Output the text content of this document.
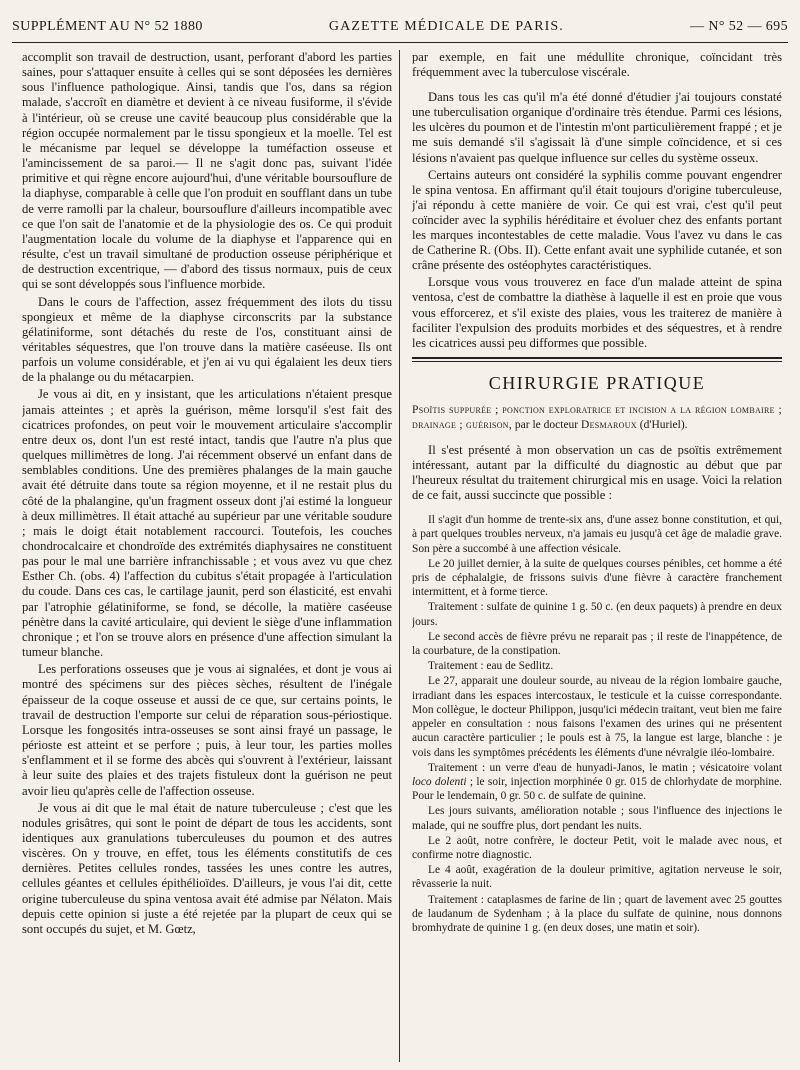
SUPPLÉMENT AU N° 52 1880	GAZETTE MÉDICALE DE PARIS.	— N° 52 — 695

accomplit son travail de destruction, usant, perforant d'abord les parties saines, pour s'attaquer ensuite à celles qui se sont déposées les dernières sous l'influence pathologique. Ainsi, tandis que l'os, dans sa région malade, s'accroît en diamètre et devient à ce niveau fusiforme, il s'évide à l'intérieur, où se creuse une cavité beaucoup plus considérable que la région occupée normalement par le tissu spongieux et la moelle. Tel est le mécanisme par lequel se développe la tuméfaction osseuse et l'amincissement de sa paroi.— Il ne s'agit donc pas, suivant l'idée primitive et qui règne encore aujourd'hui, d'une véritable boursouflure de la diaphyse, comparable à celle que l'on produit en soufflant dans un tube de verre ramolli par la chaleur, boursouflure d'ailleurs incompatible avec ce que l'on sait de l'anatomie et de la physiologie des os. Ce qui produit l'augmentation locale du volume de la diaphyse et l'apparence qui en résulte, c'est un travail simultané de production osseuse périphérique et de destruction excentrique, — d'abord des tissus normaux, puis de ceux qui se sont développés sous l'influence morbide.

Dans le cours de l'affection, assez fréquemment des ilots du tissu spongieux et même de la diaphyse circonscrits par la substance gélatiniforme, sont détachés du reste de l'os, constituant ainsi de véritables séquestres, que l'on trouve dans la matière caséeuse. Ils ont parfois un volume considérable, et j'en ai vu qui égalaient les deux tiers de la phalange ou du métacarpien.

Je vous ai dit, en y insistant, que les articulations n'étaient presque jamais atteintes ; et après la guérison, même lorsqu'il s'est fait des cicatrices profondes, on peut voir le mouvement articulaire s'accomplir entre deux os, dont l'un est resté intact, tandis que l'autre n'a plus que quelques millimètres de long. J'ai récemment observé un enfant dans de semblables conditions. Une des premières phalanges de la main gauche avait été détruite dans toute sa région moyenne, et il ne restait plus du côté de la phalangine, qu'un fragment osseux dont j'ai estimé la longueur à deux millimètres. Il était attaché au supérieur par une véritable soudure ; mais le doigt était notablement raccourci. Toutefois, les couches chondrocalcaire et chondroïde des extrémités diaphysaires ne constituent pas pour le mal une barrière infranchissable ; et vous avez vu que chez Esther Ch. (obs. 4) l'affection du cubitus s'était propagée à l'articulation du coude. Dans ces cas, le cartilage jaunit, perd son élasticité, est envahi par l'atrophie gélatiniforme, se fond, se décolle, la matière caséeuse pénètre dans la cavité articulaire, qui devient le siège d'une inflammation chronique ; et l'on se trouve alors en présence d'une affection simulant la tumeur blanche.

Les perforations osseuses que je vous ai signalées, et dont je vous ai montré des spécimens sur des pièces sèches, résultent de l'inégale épaisseur de la coque osseuse et aussi de ce que, sur certains points, le travail de destruction l'emporte sur celui de réparation sous-périostique. Lorsque les fongosités intra-osseuses se sont ainsi frayé un passage, le périoste est atteint et se perfore ; puis, à leur tour, les parties molles s'enflamment et il se forme des abcès qui s'ouvrent à l'extérieur, laissant à leur suite des plaies et des trajets fistuleux dont la guérison ne peut avoir lieu qu'après celle de l'affection osseuse.

Je vous ai dit que le mal était de nature tuberculeuse ; c'est que les nodules grisâtres, qui sont le point de départ de tous les accidents, sont identiques aux granulations tuberculeuses du poumon et des autres viscères. On y trouve, en effet, tous les éléments constitutifs de ces dernières. Petites cellules rondes, tassées les unes contre les autres, cellules géantes et cellules épithélioïdes. D'ailleurs, je vous l'ai dit, cette origine tuberculeuse du spina ventosa avait été admise par Nélaton. Mais depuis cette opinion si juste a été rejetée par la plupart de ceux qui se sont occupés du sujet, et M. Gœtz,

par exemple, en fait une médullite chronique, coïncidant très fréquemment avec la tuberculose viscérale.

Dans tous les cas qu'il m'a été donné d'étudier j'ai toujours constaté une tuberculisation organique d'ordinaire très étendue. Parmi ces lésions, les ulcères du poumon et de l'intestin m'ont particulièrement frappé ; et je me suis demandé s'il s'agissait là d'une simple coïncidence, et si ces lésions n'avaient pas quelque influence sur celles du système osseux.

Certains auteurs ont considéré la syphilis comme pouvant engendrer le spina ventosa. En affirmant qu'il était toujours d'origine tuberculeuse, j'ai répondu à cette manière de voir. Ce qui est vrai, c'est qu'il peut coïncider avec la syphilis héréditaire et évoluer chez des enfants portant les marques incontestables de cette maladie. Vous l'avez vu dans le cas de Catherine R. (Obs. II). Cette enfant avait une syphilide cutanée, et son crâne présente des ostéophytes caractéristiques.

Lorsque vous vous trouverez en face d'un malade atteint de spina ventosa, c'est de combattre la diathèse à laquelle il est en proie que vous vous efforcerez, et s'il existe des plaies, vous les traiterez de manière à faciliter l'expulsion des produits morbides et des séquestres, et à rendre les cicatrices aussi peu difformes que possible.

CHIRURGIE PRATIQUE
Psoïtis suppurée ; ponction exploratrice et incision a la région lombaire ; drainage ; guérison, par le docteur Desmaroux (d'Huriel).

Il s'est présenté à mon observation un cas de psoïtis extrêmement intéressant, autant par la difficulté du diagnostic au début que par l'heureux résultat du traitement chirurgical mis en usage. Voici la relation de ce fait, aussi succincte que possible :

Il s'agit d'un homme de trente-six ans, d'une assez bonne constitution, et qui, à part quelques troubles nerveux, n'a jamais eu jusqu'à cet âge de maladie grave. Son père a succombé à une affection vésicale.

Le 20 juillet dernier, à la suite de quelques courses pénibles, cet homme a été pris de céphalalgie, de frissons suivis d'une fièvre à caractère franchement intermittent, et à forme tierce.

Traitement : sulfate de quinine 1 g. 50 c. (en deux paquets) à prendre en deux jours.

Le second accès de fièvre prévu ne reparait pas ; il reste de l'inappétence, de la courbature, de la constipation.

Traitement : eau de Sedlitz.

Le 27, apparait une douleur sourde, au niveau de la région lombaire gauche, irradiant dans les espaces intercostaux, le testicule et la cuisse correspondante. Mon collègue, le docteur Philippon, jusqu'ici médecin traitant, veut bien me faire appeler en consultation : nous faisons l'examen des urines qui ne présentent aucun caractère particulier ; le pouls est à 75, la langue est large, blanche : je vois dans les symptômes précédents les éléments d'une névralgie iléo-lombaire.

Traitement : un verre d'eau de hunyadi-Janos, le matin ; vésicatoire volant loco dolenti ; le soir, injection morphinée 0 gr. 015 de chlorhydate de morphine. Pour le lendemain, 0 gr. 50 c. de sulfate de quinine.

Les jours suivants, amélioration notable ; sous l'influence des injections le malade, qui ne souffre plus, dort pendant les nuits.

Le 2 août, notre confrère, le docteur Petit, voit le malade avec nous, et confirme notre diagnostic.

Le 4 août, exagération de la douleur primitive, agitation nerveuse le soir, rêvasserie la nuit.

Traitement : cataplasmes de farine de lin ; quart de lavement avec 25 gouttes de laudanum de Sydenham ; à la place du sulfate de quinine, nous donnons bromhydrate de quinine 1 g. (en deux doses, une matin et soir).
